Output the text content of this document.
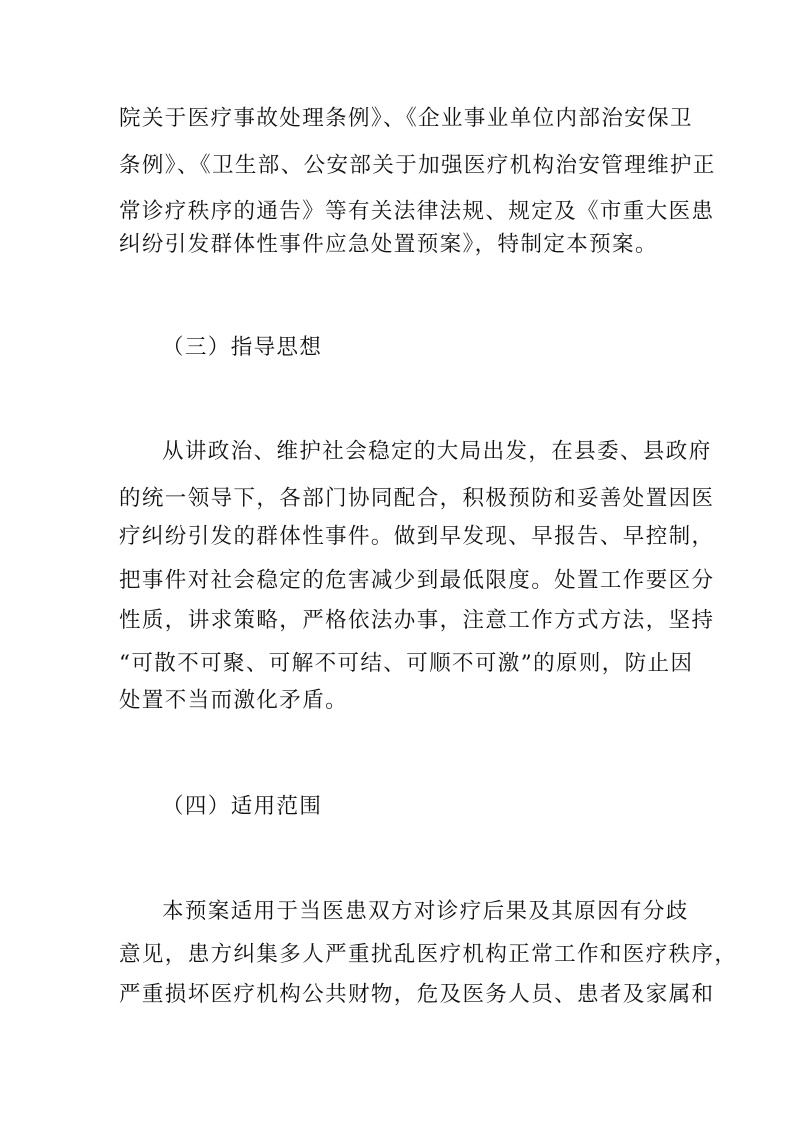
院关于医疗事故处理条例》、《企业事业单位内部治安保卫
条例》、《卫生部、公安部关于加强医疗机构治安管理维护正
常诊疗秩序的通告》等有关法律法规、规定及《市重大医患
纠纷引发群体性事件应急处置预案》，特制定本预案。
（三）指导思想
从讲政治、维护社会稳定的大局出发，在县委、县政府
的统一领导下，各部门协同配合，积极预防和妥善处置因医
疗纠纷引发的群体性事件。做到早发现、早报告、早控制，
把事件对社会稳定的危害减少到最低限度。处置工作要区分
性质，讲求策略，严格依法办事，注意工作方式方法，坚持
“可散不可聚、可解不可结、可顺不可激”的原则，防止因
处置不当而激化矛盾。
（四）适用范围
本预案适用于当医患双方对诊疗后果及其原因有分歧
意见，患方纠集多人严重扰乱医疗机构正常工作和医疗秩序，
严重损坏医疗机构公共财物，危及医务人员、患者及家属和
